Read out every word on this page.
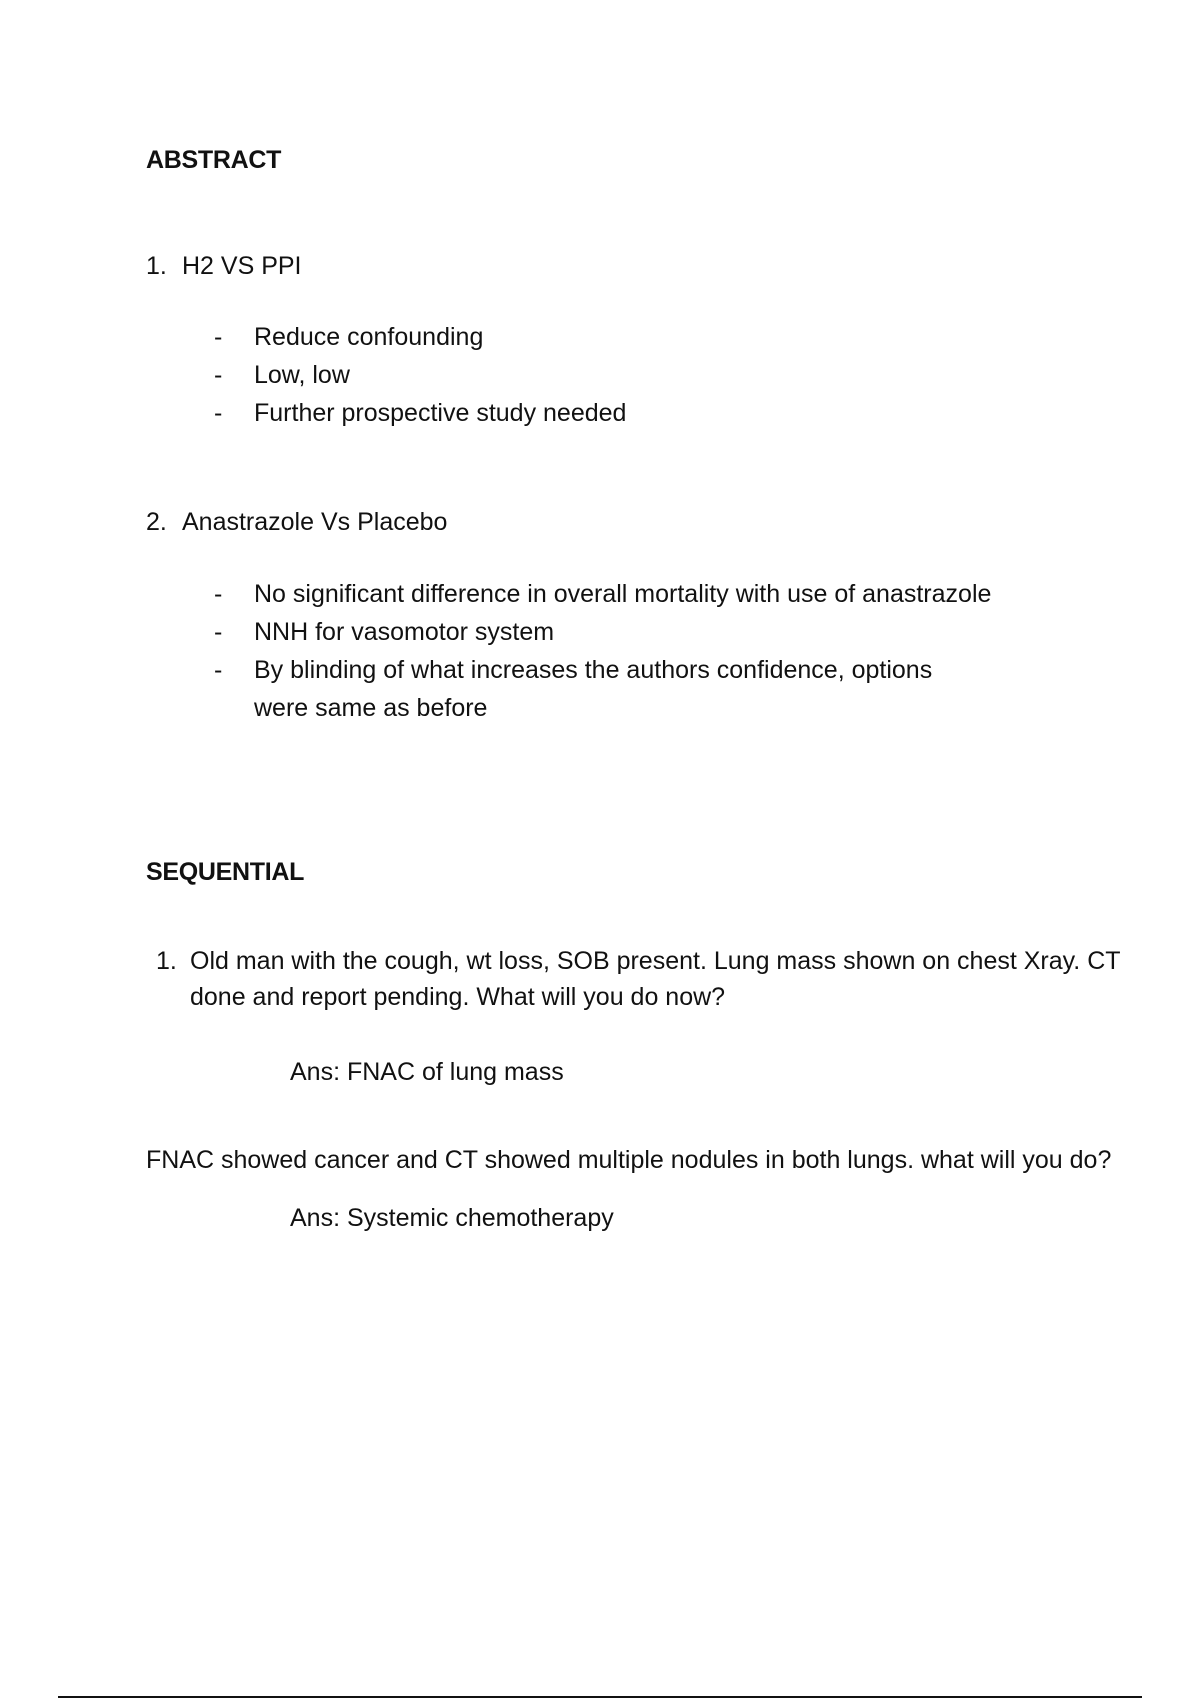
ABSTRACT
1. H2 VS PPI
- Reduce confounding
- Low, low
- Further prospective study needed
2. Anastrazole Vs Placebo
- No significant difference in overall mortality with use of anastrazole
- NNH for vasomotor system
- By blinding of what increases the authors confidence, options were same as before
SEQUENTIAL
1. Old man with the cough, wt loss, SOB present. Lung mass shown on chest Xray. CT done and report pending. What will you do now?
Ans: FNAC of lung mass
FNAC showed cancer and CT showed multiple nodules in both lungs. what will you do?
Ans: Systemic chemotherapy
